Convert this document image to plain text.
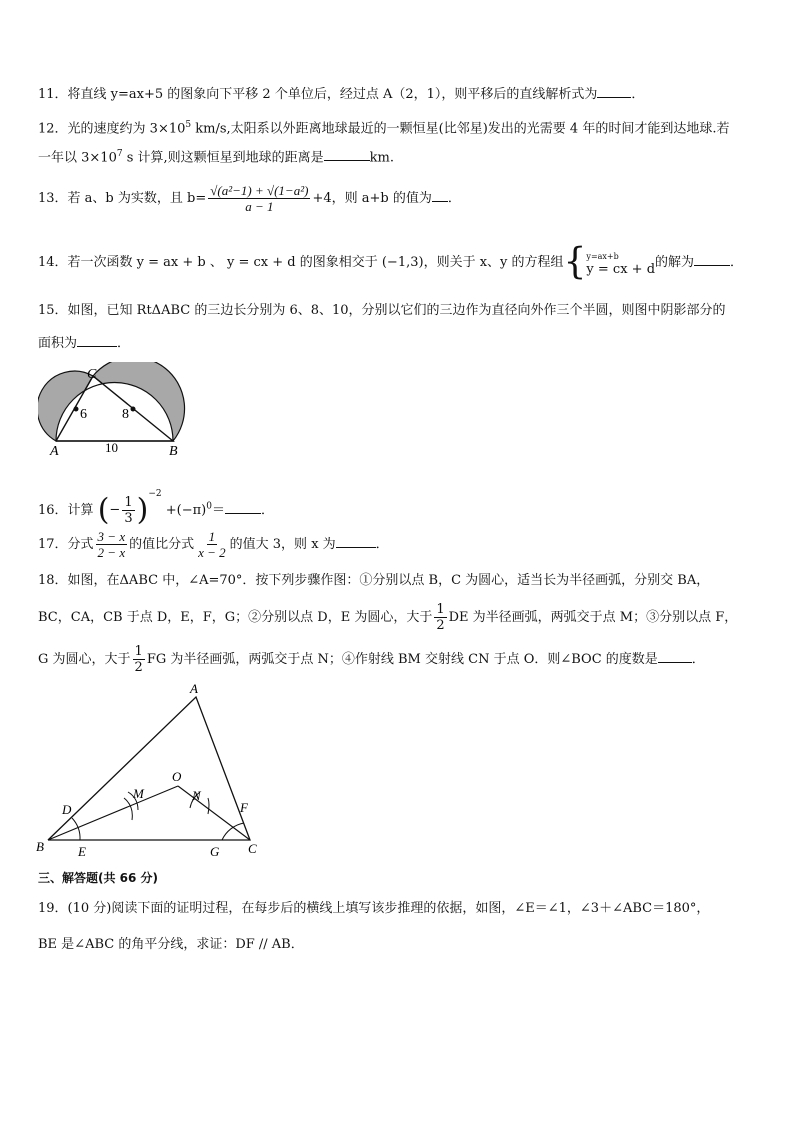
11．将直线 y=ax+5 的图象向下平移 2 个单位后，经过点 A（2，1），则平移后的直线解析式为	．
12．光的速度约为 $3\times 10^5$ km/s,太阳系以外距离地球最近的一颗恒星(比邻星)发出的光需要 4 年的时间才能到达地球.若
一年以 $3\times 10^7$ s 计算,则这颗恒星到地球的距离是	km.
13．若 a、b 为实数，且 $b= \frac{\text{√(a²−1) + √(1−a²)}}{a - 1} +4$，则 a+b 的值为 ．
14．若一次函数 y = ax + b 、 y = cx + d 的图象相交于 (−1,3)，则关于 x、y 的方程组{ y=ax+b
y = cx + d 的解为	．
15．如图，已知 RtΔABC 的三边长分别为 6、8、10，分别以它们的三边作为直径向外作三个半圆，则图中阴影部分的
面积为	．
C
A	B
6	8
10
16．计算 (− $\frac{1}{3} )^{-2} +(-\pi)^0=$	．
17．分式 $\frac{3 - x}{2 - x}$ 的值比分式 $\frac{1}{x - 2}$ 的值大 3，则 x 为	．
18．如图，在ΔABC 中，∠A=70°．按下列步骤作图：①分别以点 B，C 为圆心，适当长为半径画弧，分别交 BA，
BC，CA，CB 于点 D，E，F，G；②分别以点 D，E 为圆心，大于 $\frac{1}{2}$ DE 为半径画弧，两弧交于点 M；③分别以点 F，
G 为圆心，大于 $\frac{1}{2}$ FG 为半径画弧，两弧交于点 N；④作射线 BM 交射线 CN 于点 O．则∠BOC 的度数是	．
A
B	C
D
E
F
G
M	N
O
三、解答题(共 66 分)
19．(10 分)阅读下面的证明过程，在每步后的横线上填写该步推理的依据，如图，∠E＝∠1，∠3＋∠ABC＝180°，
BE 是∠ABC 的角平分线，求证：DF // AB．
